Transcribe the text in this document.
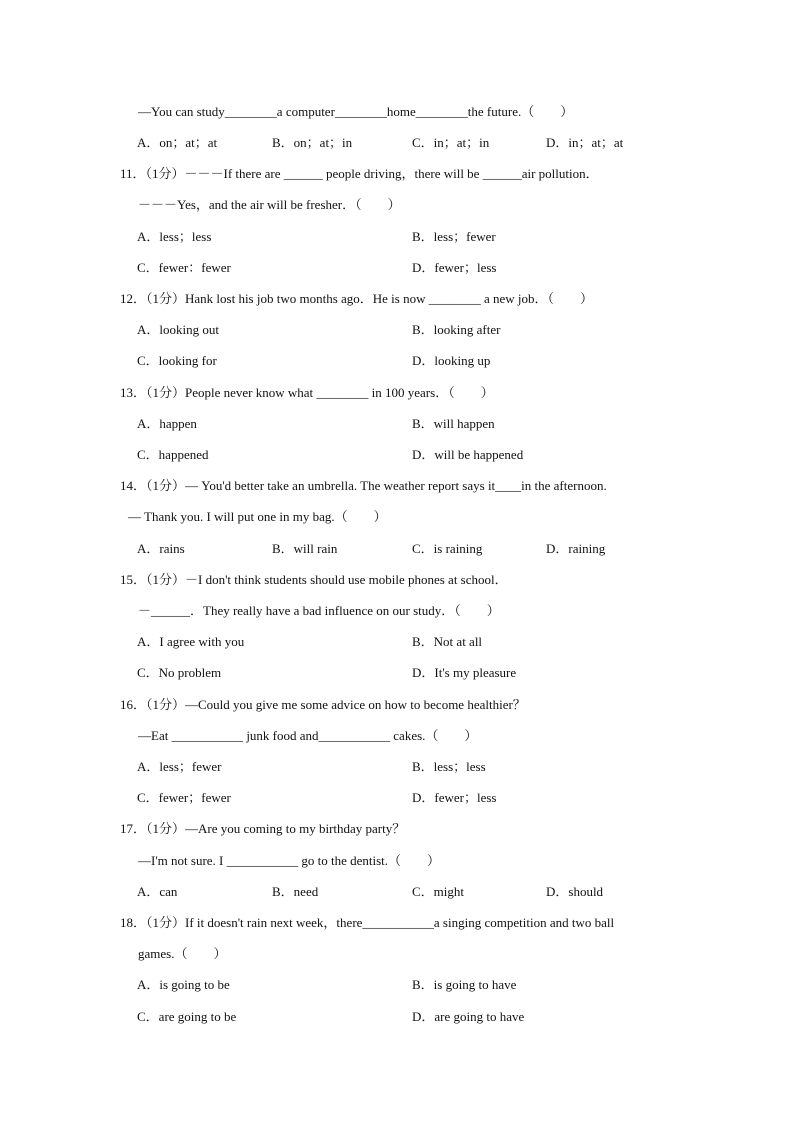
—You can study________a computer________home________the future.（　　）
A．on；at；at	B．on；at；in	C．in；at；in	D．in；at；at
11．（1分）－－－If there are ______ people driving，there will be ______air pollution．
－－－Yes，and the air will be fresher．（　　）
A．less；less	B．less；fewer
C．fewer：fewer	D．fewer；less
12．（1分）Hank lost his job two months ago．He is now ________ a new job．（　　）
A．looking out	B．looking after
C．looking for	D．looking up
13．（1分）People never know what ________ in 100 years．（　　）
A．happen	B．will happen
C．happened	D．will be happened
14．（1分）— You'd better take an umbrella. The weather report says it____in the afternoon.
— Thank you. I will put one in my bag.（　　）
A．rains	B．will rain	C．is raining	D．raining
15．（1分）－I don't think students should use mobile phones at school．
－______．They really have a bad influence on our study．（　　）
A．I agree with you	B．Not at all
C．No problem	D．It's my pleasure
16．（1分）—Could you give me some advice on how to become healthier？
—Eat ___________ junk food and___________ cakes.（　　）
A．less；fewer	B．less；less
C．fewer；fewer	D．fewer；less
17．（1分）—Are you coming to my birthday party？
—I'm not sure. I ___________ go to the dentist.（　　）
A．can	B．need	C．might	D．should
18．（1分）If it doesn't rain next week，there___________a singing competition and two ball
games.（　　）
A．is going to be	B．is going to have
C．are going to be	D．are going to have
